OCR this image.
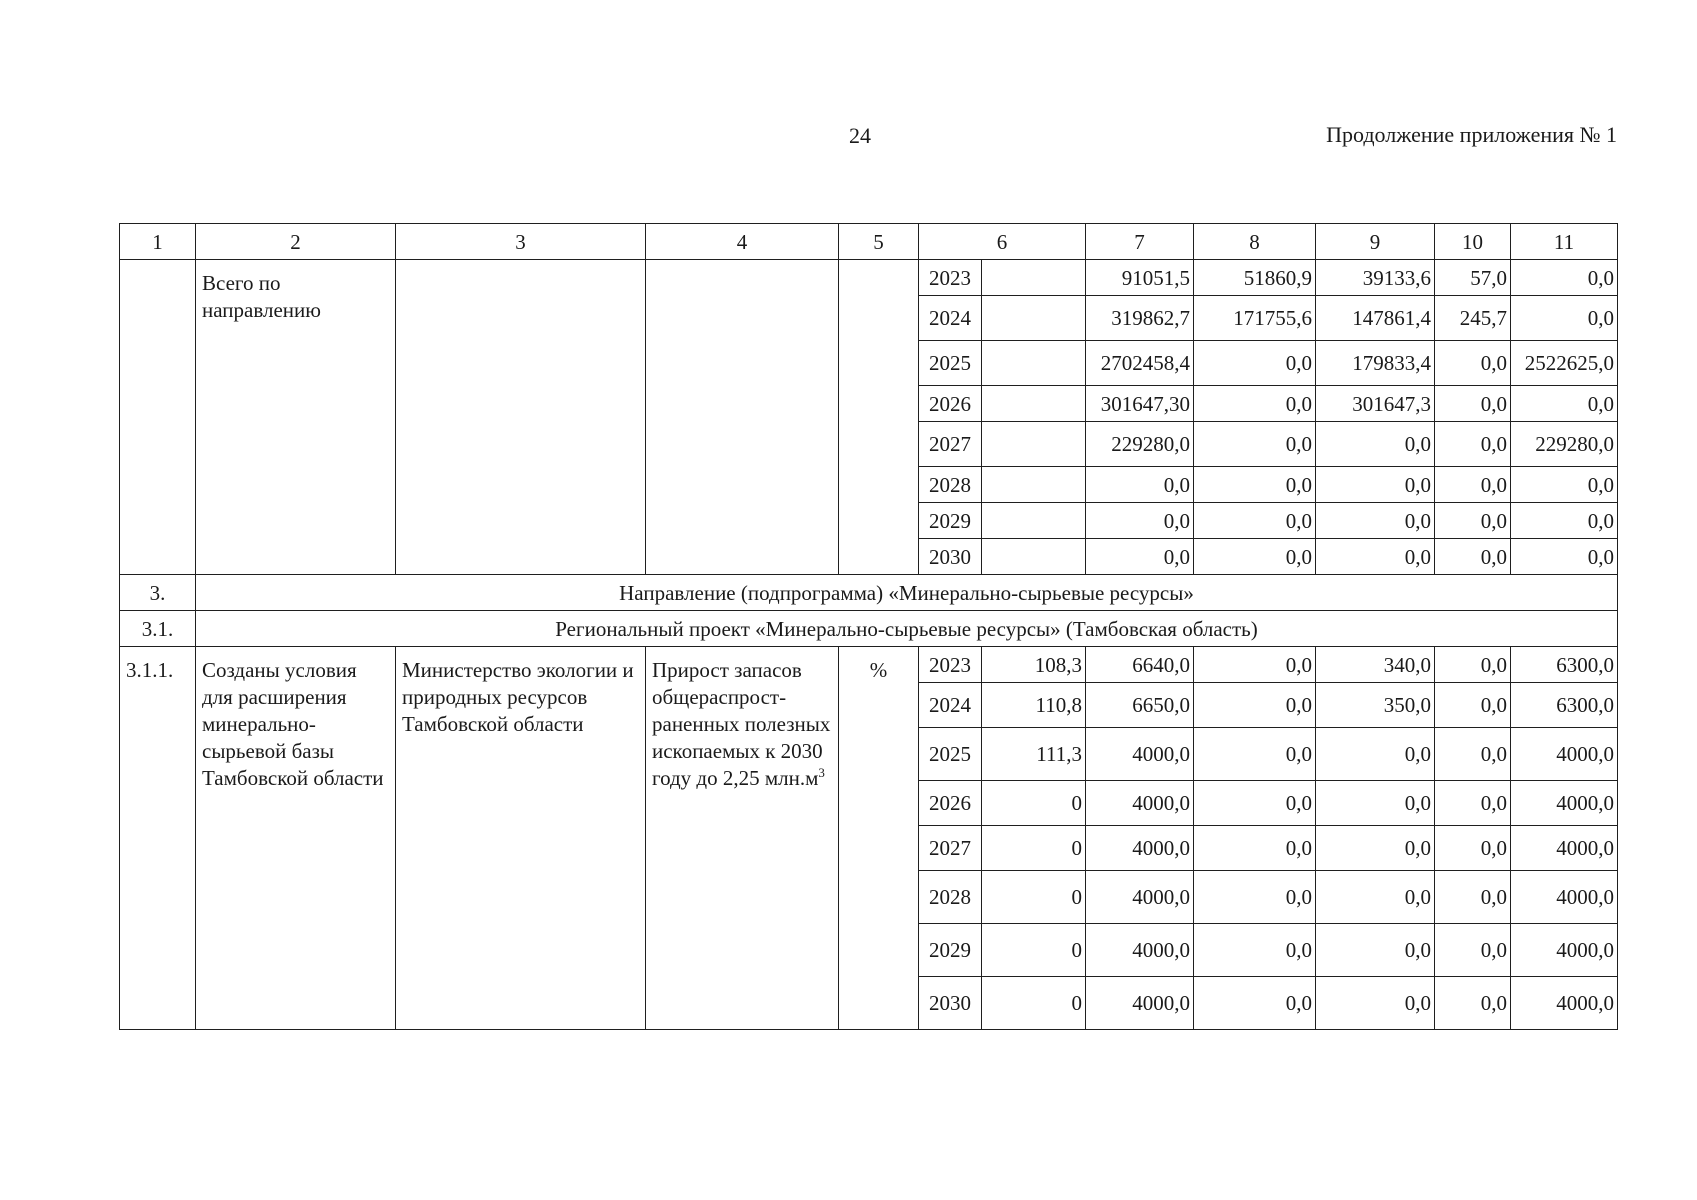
24	Продолжение приложения № 1
1	2	3	4	5	6		7	8	9	10	11
	Всего по направлению				2023		91051,5	51860,9	39133,6	57,0	0,0
					2024		319862,7	171755,6	147861,4	245,7	0,0
					2025		2702458,4	0,0	179833,4	0,0	2522625,0
					2026		301647,30	0,0	301647,3	0,0	0,0
					2027		229280,0	0,0	0,0	0,0	229280,0
					2028		0,0	0,0	0,0	0,0	0,0
					2029		0,0	0,0	0,0	0,0	0,0
					2030		0,0	0,0	0,0	0,0	0,0
3.	Направление (подпрограмма) «Минерально-сырьевые ресурсы»										
3.1.	Региональный проект «Минерально-сырьевые ресурсы» (Тамбовская область)										
3.1.1.	Созданы условия для расширения минерально-сырьевой базы Тамбовской области	Министерство экологии и природных ресурсов Тамбовской области	Прирост запасов общераспрост-раненных полезных ископаемых к 2030 году до 2,25 $млн.м^3$	%	2023	108,3	6640,0	0,0	340,0	0,0	6300,0
					2024	110,8	6650,0	0,0	350,0	0,0	6300,0
					2025	111,3	4000,0	0,0	0,0	0,0	4000,0
					2026	0	4000,0	0,0	0,0	0,0	4000,0
					2027	0	4000,0	0,0	0,0	0,0	4000,0
					2028	0	4000,0	0,0	0,0	0,0	4000,0
					2029	0	4000,0	0,0	0,0	0,0	4000,0
					2030	0	4000,0	0,0	0,0	0,0	4000,0
